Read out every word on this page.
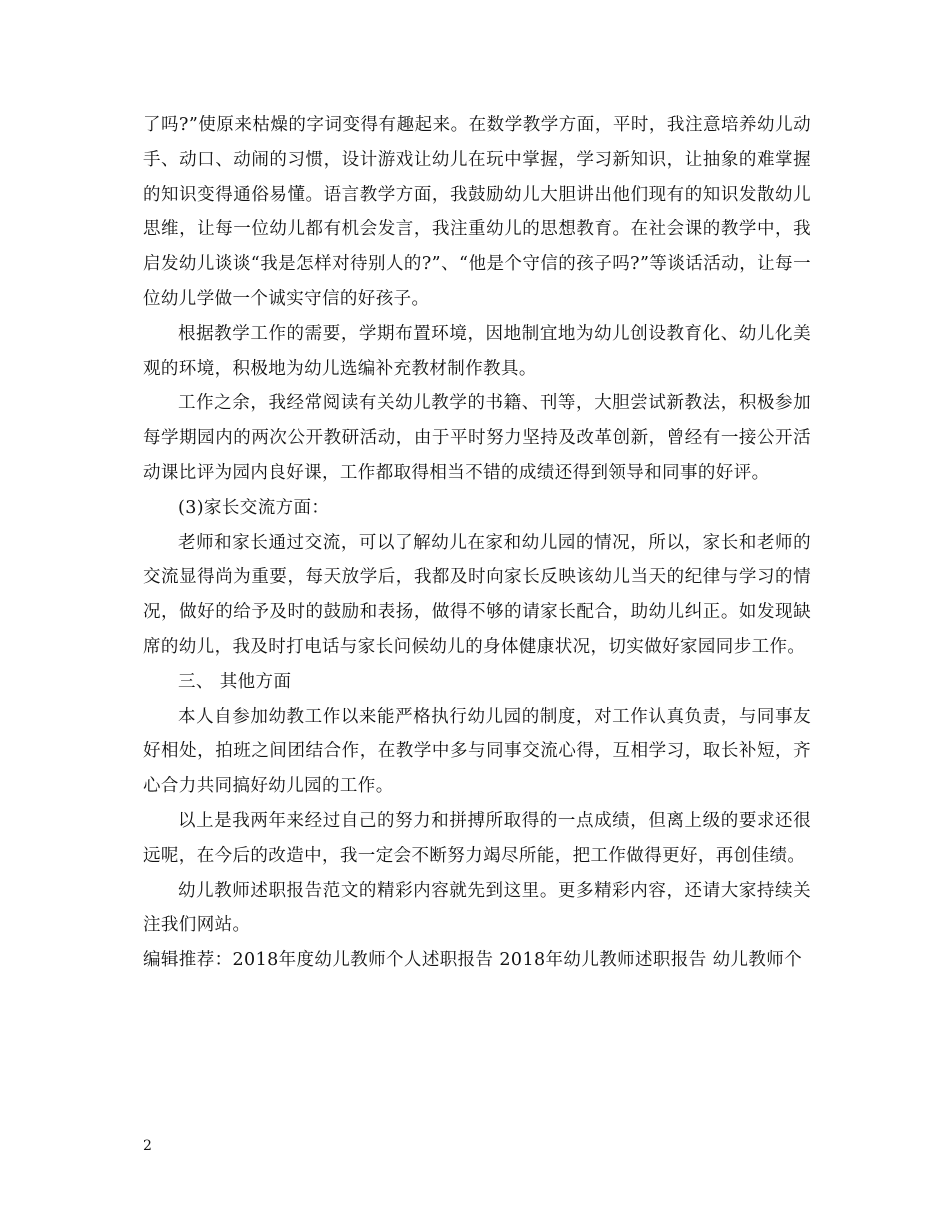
了吗?”使原来枯燥的字词变得有趣起来。在数学教学方面，平时，我注意培养幼儿动手、动口、动闹的习惯，设计游戏让幼儿在玩中掌握，学习新知识，让抽象的难掌握的知识变得通俗易懂。语言教学方面，我鼓励幼儿大胆讲出他们现有的知识发散幼儿思维，让每一位幼儿都有机会发言，我注重幼儿的思想教育。在社会课的教学中，我启发幼儿谈谈“我是怎样对待别人的?”、“他是个守信的孩子吗?”等谈话活动，让每一位幼儿学做一个诚实守信的好孩子。

根据教学工作的需要，学期布置环境，因地制宜地为幼儿创设教育化、幼儿化美观的环境，积极地为幼儿选编补充教材制作教具。

工作之余，我经常阅读有关幼儿教学的书籍、刊等，大胆尝试新教法，积极参加每学期园内的两次公开教研活动，由于平时努力坚持及改革创新，曾经有一接公开活动课比评为园内良好课，工作都取得相当不错的成绩还得到领导和同事的好评。

(3)家长交流方面：

老师和家长通过交流，可以了解幼儿在家和幼儿园的情况，所以，家长和老师的交流显得尚为重要，每天放学后，我都及时向家长反映该幼儿当天的纪律与学习的情况，做好的给予及时的鼓励和表扬，做得不够的请家长配合，助幼儿纠正。如发现缺席的幼儿，我及时打电话与家长问候幼儿的身体健康状况，切实做好家园同步工作。

三、 其他方面

本人自参加幼教工作以来能严格执行幼儿园的制度，对工作认真负责，与同事友好相处，拍班之间团结合作，在教学中多与同事交流心得，互相学习，取长补短，齐心合力共同搞好幼儿园的工作。

以上是我两年来经过自己的努力和拼搏所取得的一点成绩，但离上级的要求还很远呢，在今后的改造中，我一定会不断努力竭尽所能，把工作做得更好，再创佳绩。

幼儿教师述职报告范文的精彩内容就先到这里。更多精彩内容，还请大家持续关注我们网站。

编辑推荐：2018年度幼儿教师个人述职报告 2018年幼儿教师述职报告 幼儿教师个

2
